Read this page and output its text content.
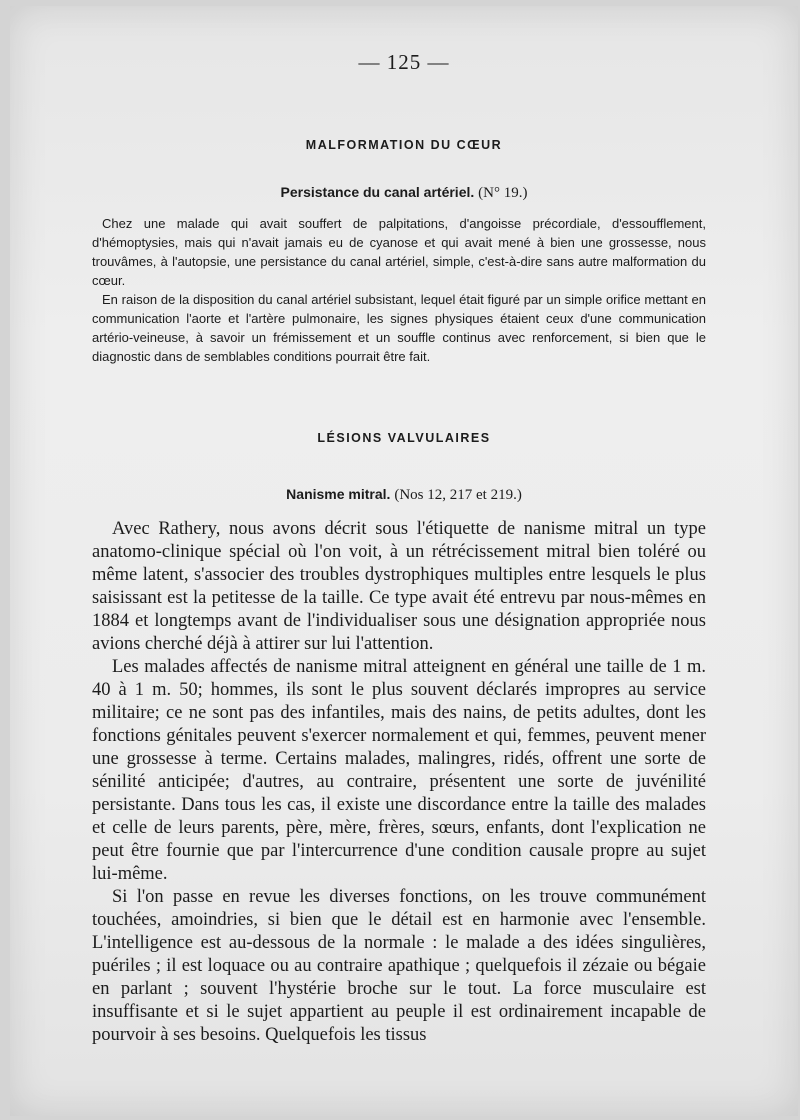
— 125 —
MALFORMATION DU CŒUR
Persistance du canal artériel. (N° 19.)

Chez une malade qui avait souffert de palpitations, d'angoisse précordiale, d'essoufflement, d'hémoptysies, mais qui n'avait jamais eu de cyanose et qui avait mené à bien une grossesse, nous trouvâmes, à l'autopsie, une persistance du canal artériel, simple, c'est-à-dire sans autre malformation du cœur.

En raison de la disposition du canal artériel subsistant, lequel était figuré par un simple orifice mettant en communication l'aorte et l'artère pulmonaire, les signes physiques étaient ceux d'une communication artério-veineuse, à savoir un frémissement et un souffle continus avec renforcement, si bien que le diagnostic dans de semblables conditions pourrait être fait.

LÉSIONS VALVULAIRES
Nanisme mitral. (Nos 12, 217 et 219.)

Avec Rathery, nous avons décrit sous l'étiquette de nanisme mitral un type anatomo-clinique spécial où l'on voit, à un rétrécissement mitral bien toléré ou même latent, s'associer des troubles dystrophiques multiples entre lesquels le plus saisissant est la petitesse de la taille. Ce type avait été entrevu par nous-mêmes en 1884 et longtemps avant de l'individualiser sous une désignation appropriée nous avions cherché déjà à attirer sur lui l'attention.

Les malades affectés de nanisme mitral atteignent en général une taille de 1 m. 40 à 1 m. 50; hommes, ils sont le plus souvent déclarés impropres au service militaire; ce ne sont pas des infantiles, mais des nains, de petits adultes, dont les fonctions génitales peuvent s'exercer normalement et qui, femmes, peuvent mener une grossesse à terme. Certains malades, malingres, ridés, offrent une sorte de sénilité anticipée; d'autres, au contraire, présentent une sorte de juvénilité persistante. Dans tous les cas, il existe une discordance entre la taille des malades et celle de leurs parents, père, mère, frères, sœurs, enfants, dont l'explication ne peut être fournie que par l'intercurrence d'une condition causale propre au sujet lui-même.

Si l'on passe en revue les diverses fonctions, on les trouve communément touchées, amoindries, si bien que le détail est en harmonie avec l'ensemble. L'intelligence est au-dessous de la normale : le malade a des idées singulières, puériles ; il est loquace ou au contraire apathique ; quelquefois il zézaie ou bégaie en parlant ; souvent l'hystérie broche sur le tout. La force musculaire est insuffisante et si le sujet appartient au peuple il est ordinairement incapable de pourvoir à ses besoins. Quelquefois les tissus
